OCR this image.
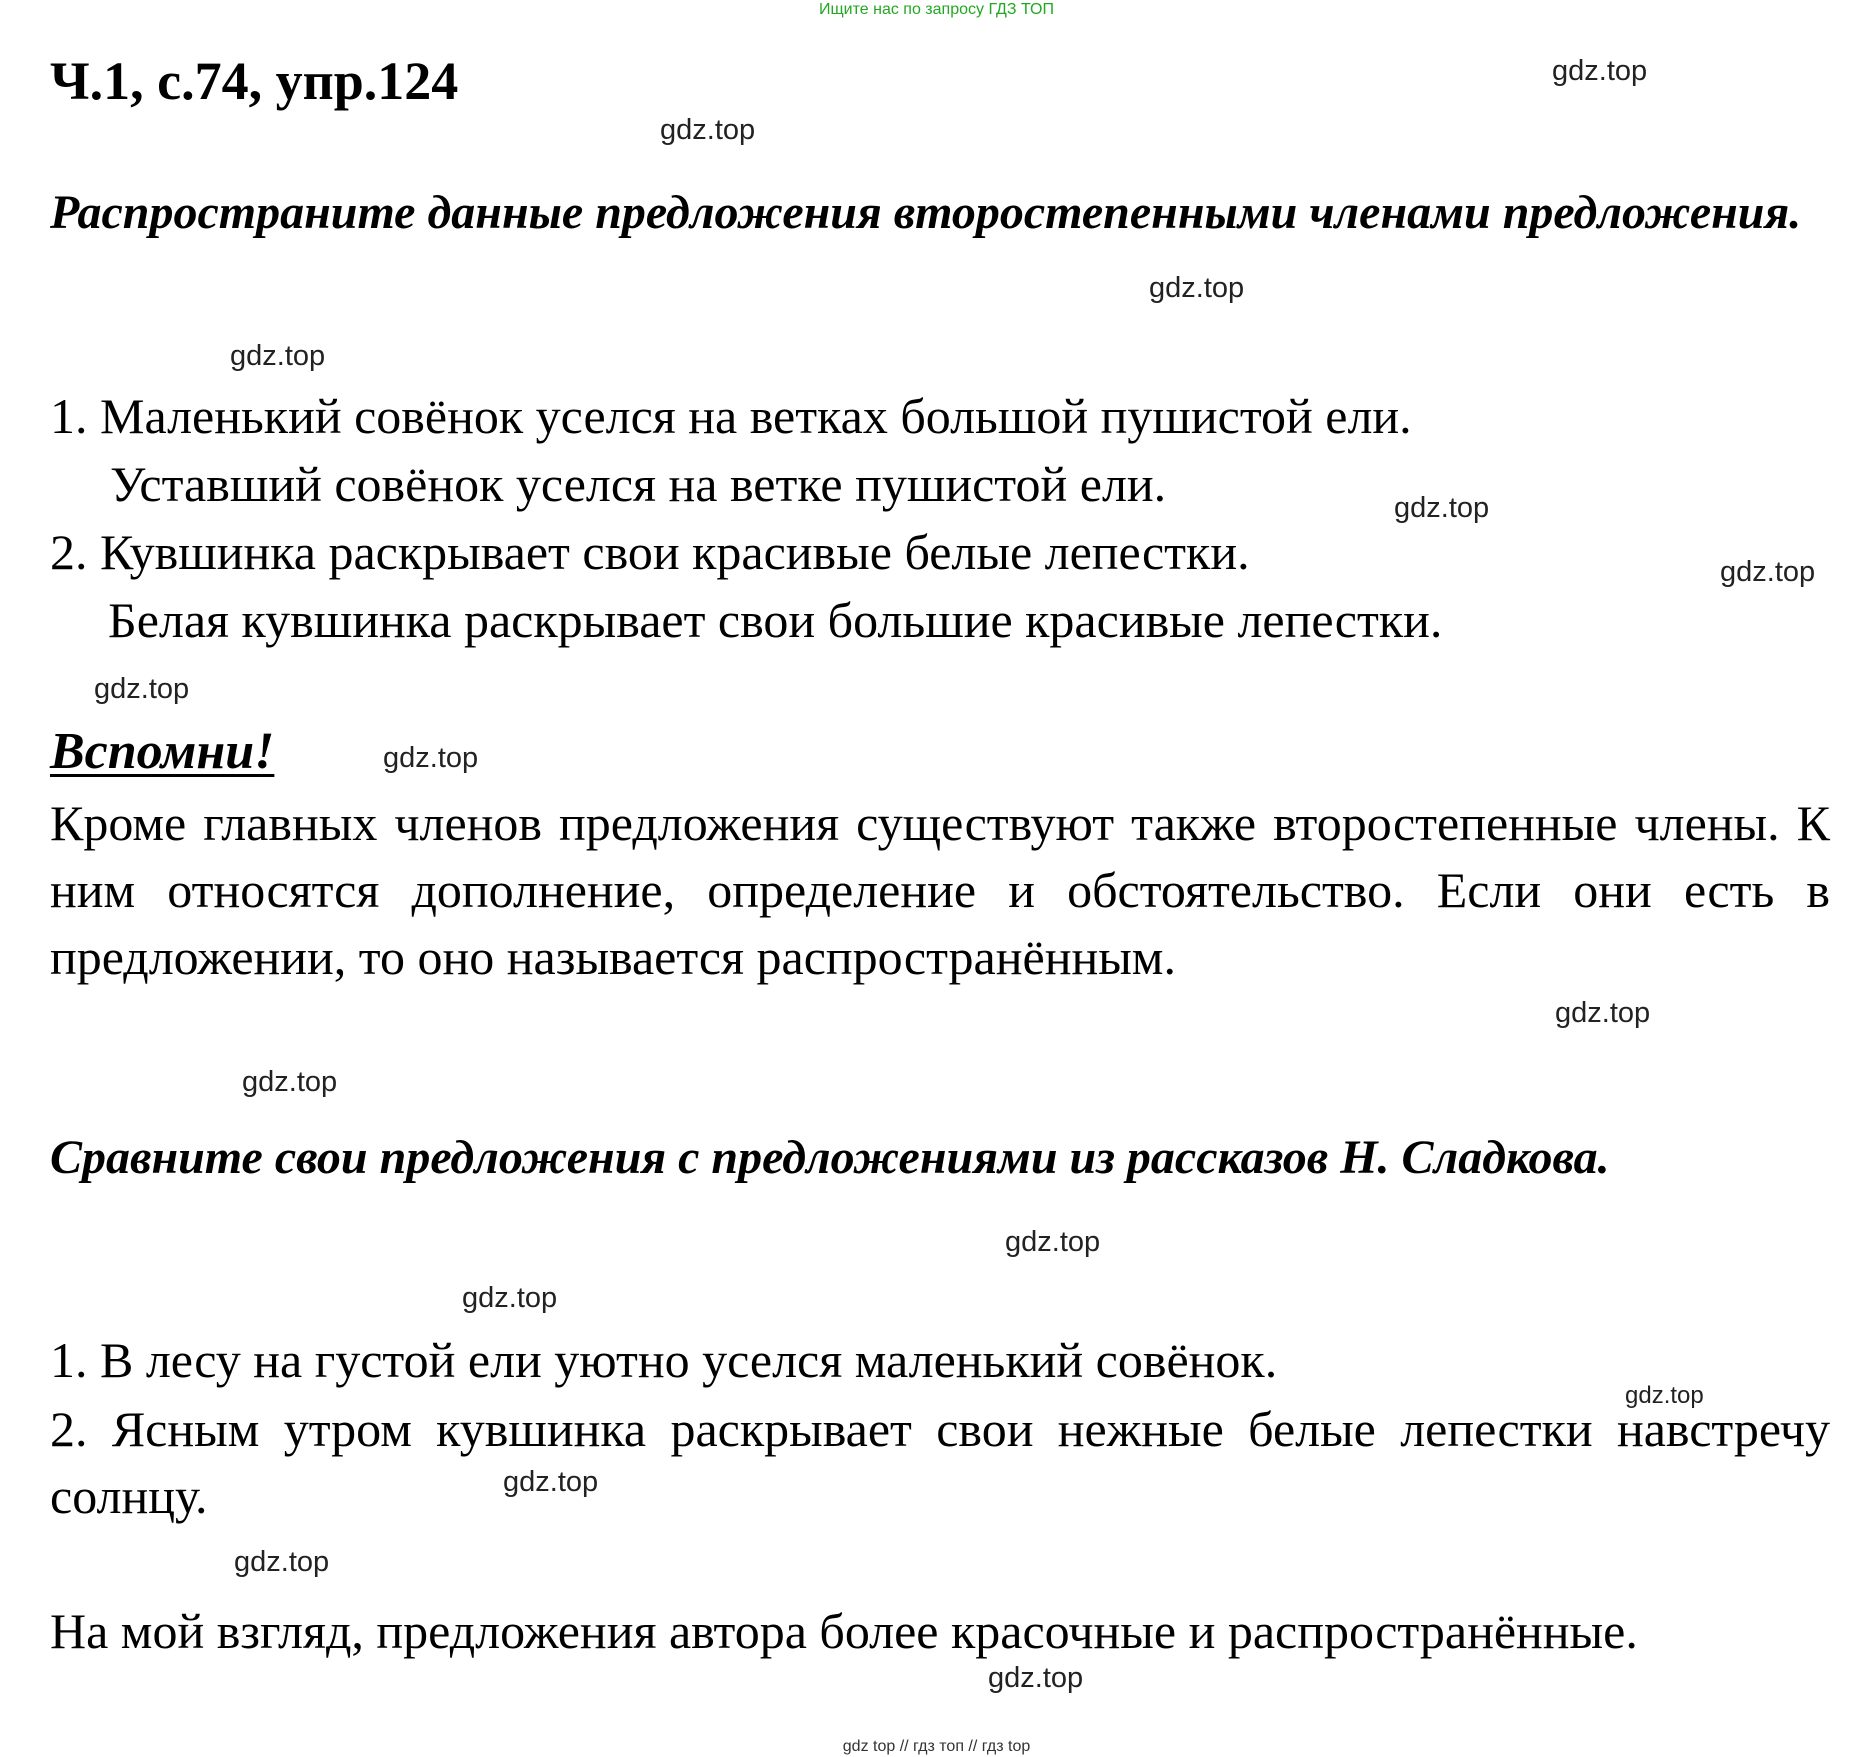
Ищите нас по запросу ГДЗ ТОП
Ч.1, с.74, упр.124
Распространите данные предложения второстепенными членами предложения.
1. Маленький совёнок уселся на ветках большой пушистой ели.
Уставший совёнок уселся на ветке пушистой ели.
2. Кувшинка раскрывает свои красивые белые лепестки.
Белая кувшинка раскрывает свои большие красивые лепестки.
Вспомни!
Кроме главных членов предложения существуют также второстепенные члены. К ним относятся дополнение, определение и обстоятельство. Если они есть в предложении, то оно называется распространённым.
Сравните свои предложения с предложениями из рассказов Н. Сладкова.
1. В лесу на густой ели уютно уселся маленький совёнок.
2. Ясным утром кувшинка раскрывает свои нежные белые лепестки навстречу солнцу.
На мой взгляд, предложения автора более красочные и распространённые.
gdz.top
gdz.top
gdz.top
gdz.top
gdz.top
gdz.top
gdz.top
gdz.top
gdz.top
gdz.top
gdz.top
gdz.top
gdz.top
gdz.top
gdz.top
gdz.top
gdz top // гдз топ // гдз top
